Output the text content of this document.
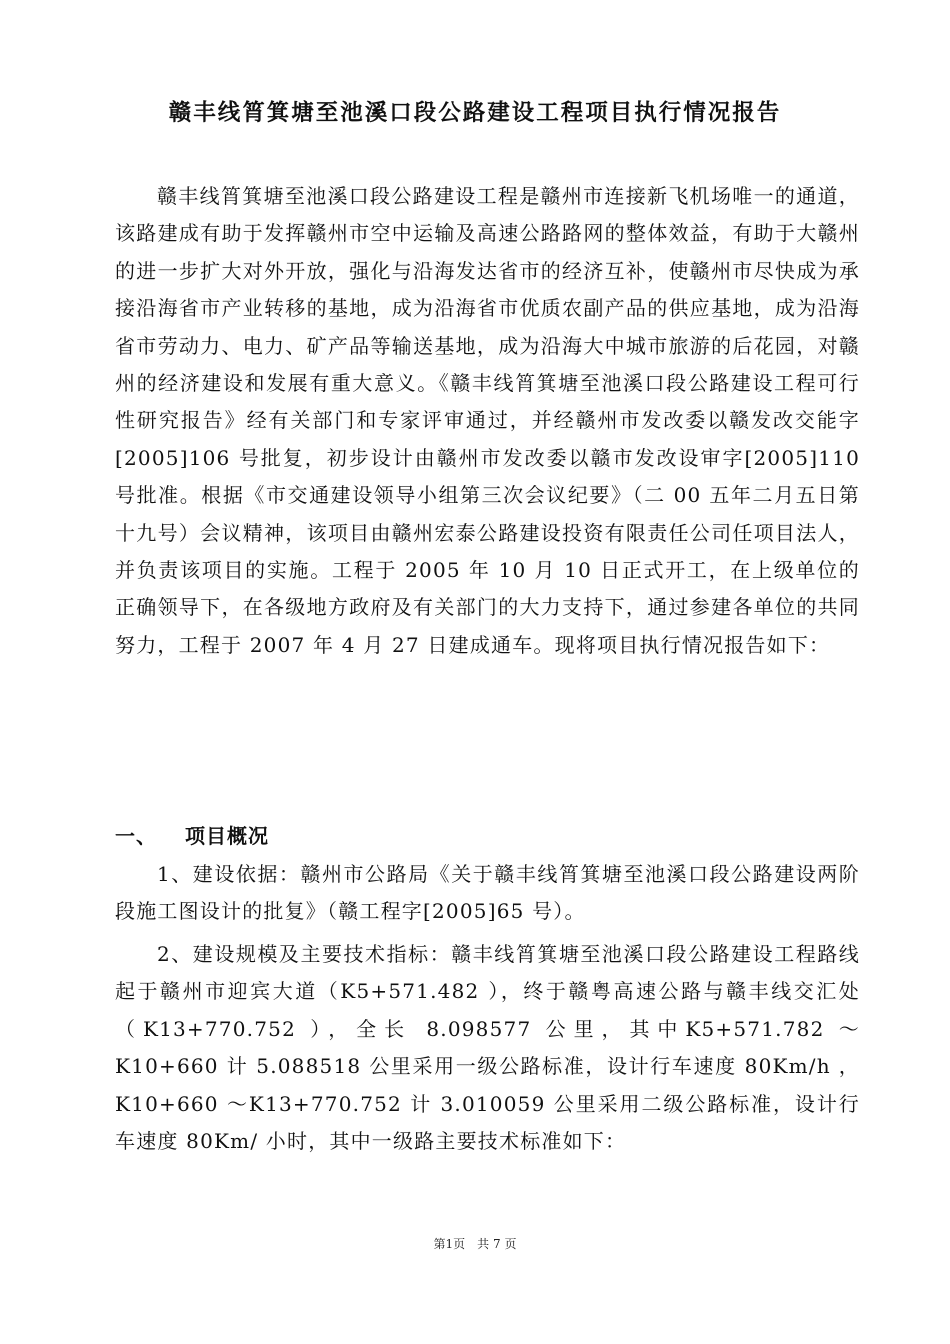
赣丰线筲箕塘至池溪口段公路建设工程项目执行情况报告
赣丰线筲箕塘至池溪口段公路建设工程是赣州市连接新飞机场唯一的通道，该路建成有助于发挥赣州市空中运输及高速公路路网的整体效益，有助于大赣州的进一步扩大对外开放，强化与沿海发达省市的经济互补，使赣州市尽快成为承接沿海省市产业转移的基地，成为沿海省市优质农副产品的供应基地，成为沿海省市劳动力、电力、矿产品等输送基地，成为沿海大中城市旅游的后花园，对赣州的经济建设和发展有重大意义。《赣丰线筲箕塘至池溪口段公路建设工程可行性研究报告》经有关部门和专家评审通过，并经赣州市发改委以赣发改交能字[2005]106 号批复，初步设计由赣州市发改委以赣市发改设审字[2005]110 号批准。根据《市交通建设领导小组第三次会议纪要》（二 00 五年二月五日第十九号）会议精神，该项目由赣州宏泰公路建设投资有限责任公司任项目法人，并负责该项目的实施。工程于 2005 年 10 月 10 日正式开工，在上级单位的正确领导下，在各级地方政府及有关部门的大力支持下，通过参建各单位的共同努力，工程于 2007 年 4 月 27 日建成通车。现将项目执行情况报告如下：
一、 项目概况
1、建设依据：赣州市公路局《关于赣丰线筲箕塘至池溪口段公路建设两阶段施工图设计的批复》（赣工程字[2005]65 号）。
2、建设规模及主要技术指标：赣丰线筲箕塘至池溪口段公路建设工程路线起于赣州市迎宾大道（K5+571.482 ），终于赣粤高速公路与赣丰线交汇处（K13+770.752 ），全长 8.098577 公里，其中K5+571.782 ～K10+660 计 5.088518 公里采用一级公路标准，设计行车速度 80Km/h ，K10+660 ～K13+770.752 计 3.010059 公里采用二级公路标准，设计行车速度 80Km/ 小时，其中一级路主要技术标准如下：
第1页　共 7 页
